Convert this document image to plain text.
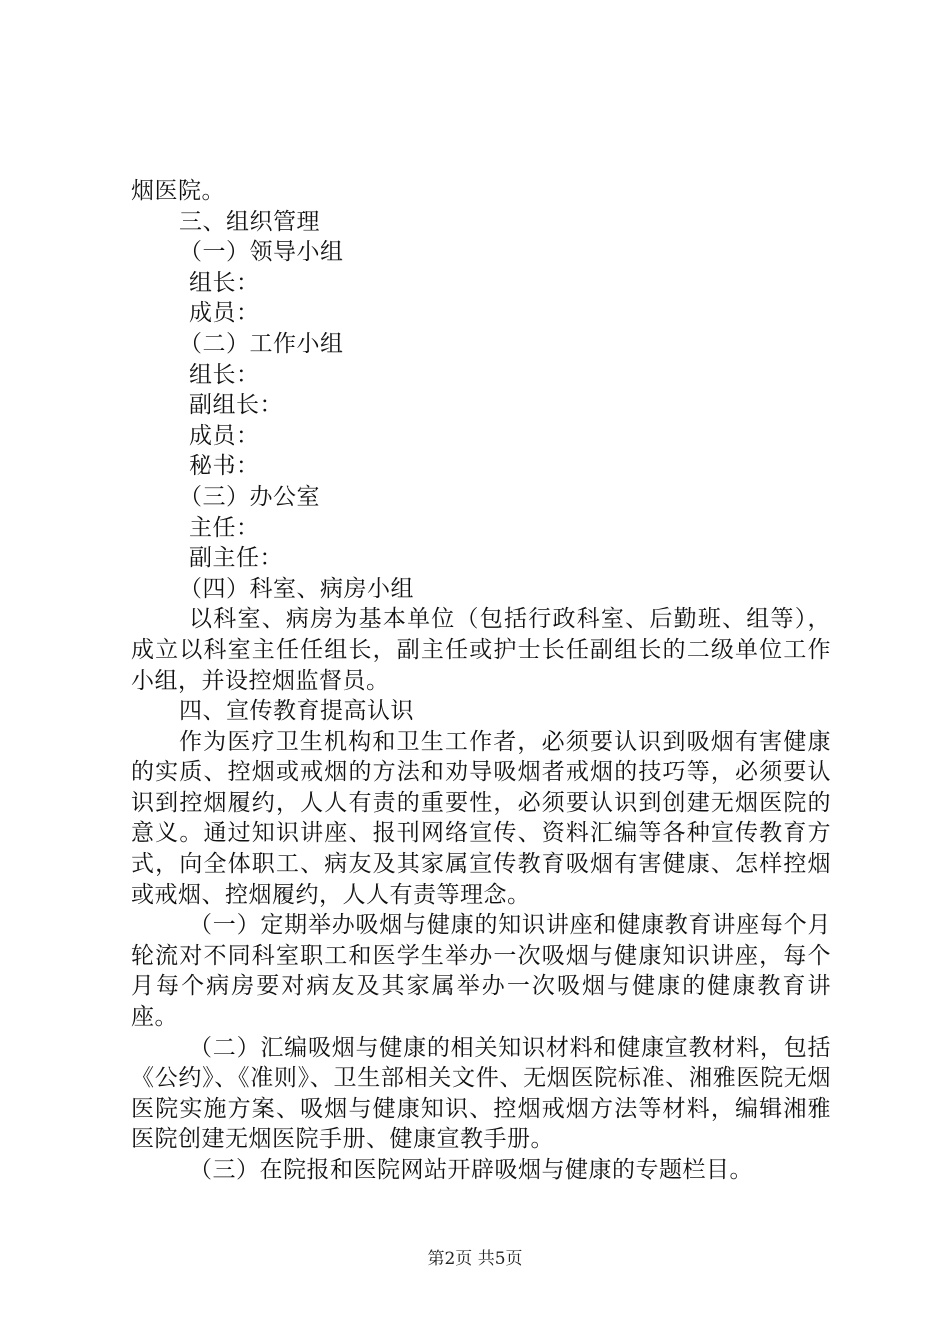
烟医院。
三、组织管理
（一）领导小组
组长：
成员：
（二）工作小组
组长：
副组长：
成员：
秘书：
（三）办公室
主任：
副主任：
（四）科室、病房小组

以科室、病房为基本单位（包括行政科室、后勤班、组等），成立以科室主任任组长，副主任或护士长任副组长的二级单位工作小组，并设控烟监督员。

四、宣传教育提高认识

作为医疗卫生机构和卫生工作者，必须要认识到吸烟有害健康的实质、控烟或戒烟的方法和劝导吸烟者戒烟的技巧等，必须要认识到控烟履约，人人有责的重要性，必须要认识到创建无烟医院的意义。通过知识讲座、报刊网络宣传、资料汇编等各种宣传教育方式，向全体职工、病友及其家属宣传教育吸烟有害健康、怎样控烟或戒烟、控烟履约，人人有责等理念。

（一）定期举办吸烟与健康的知识讲座和健康教育讲座每个月轮流对不同科室职工和医学生举办一次吸烟与健康知识讲座，每个月每个病房要对病友及其家属举办一次吸烟与健康的健康教育讲座。

（二）汇编吸烟与健康的相关知识材料和健康宣教材料，包括《公约》、《准则》、卫生部相关文件、无烟医院标准、湘雅医院无烟医院实施方案、吸烟与健康知识、控烟戒烟方法等材料，编辑湘雅医院创建无烟医院手册、健康宣教手册。

（三）在院报和医院网站开辟吸烟与健康的专题栏目。

第2页 共5页
